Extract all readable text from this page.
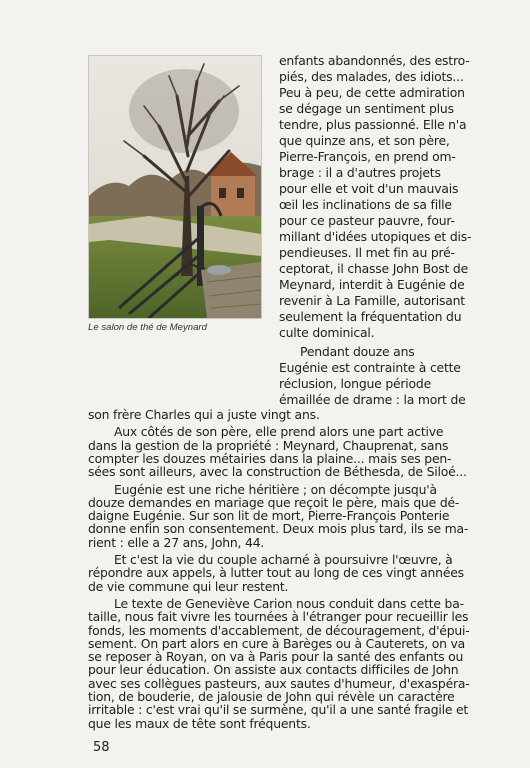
Le salon de thé de Meynard
enfants abandonnés, des estro-
piés, des malades, des idiots...
Peu à peu, de cette admiration
se dégage un sentiment plus
tendre, plus passionné. Elle n'a
que quinze ans, et son père,
Pierre-François, en prend om-
brage : il a d'autres projets
pour elle et voit d'un mauvais
œil les inclinations de sa fille
pour ce pasteur pauvre, four-
millant d'idées utopiques et dis-
pendieuses. Il met fin au pré-
ceptorat, il chasse John Bost de
Meynard, interdit à Eugénie de
revenir à La Famille, autorisant
seulement la fréquentation du
culte dominical.
Pendant douze ans
Eugénie est contrainte à cette
réclusion, longue période
émaillée de drame : la mort de
son frère Charles qui a juste vingt ans.
Aux côtés de son père, elle prend alors une part active
dans la gestion de la propriété : Meynard, Chauprenat, sans
compter les douzes métairies dans la plaine... mais ses pen-
sées sont ailleurs, avec la construction de Béthesda, de Siloé...
Eugénie est une riche héritière ; on décompte jusqu'à
douze demandes en mariage que reçoit le père, mais que dé-
daigne Eugénie. Sur son lit de mort, Pierre-François Ponterie
donne enfin son consentement. Deux mois plus tard, ils se ma-
rient : elle a 27 ans, John, 44.
Et c'est la vie du couple acharné à poursuivre l'œuvre, à
répondre aux appels, à lutter tout au long de ces vingt années
de vie commune qui leur restent.
Le texte de Geneviève Carion nous conduit dans cette ba-
taille, nous fait vivre les tournées à l'étranger pour recueillir les
fonds, les moments d'accablement, de découragement, d'épui-
sement. On part alors en cure à Barèges ou à Cauterets, on va
se reposer à Royan, on va à Paris pour la santé des enfants ou
pour leur éducation. On assiste aux contacts difficiles de John
avec ses collègues pasteurs, aux sautes d'humeur, d'exaspéra-
tion, de bouderie, de jalousie de John qui révèle un caractère
58
irritable : c'est vrai qu'il se surmène, qu'il a une santé fragile et
que les maux de tête sont fréquents.
